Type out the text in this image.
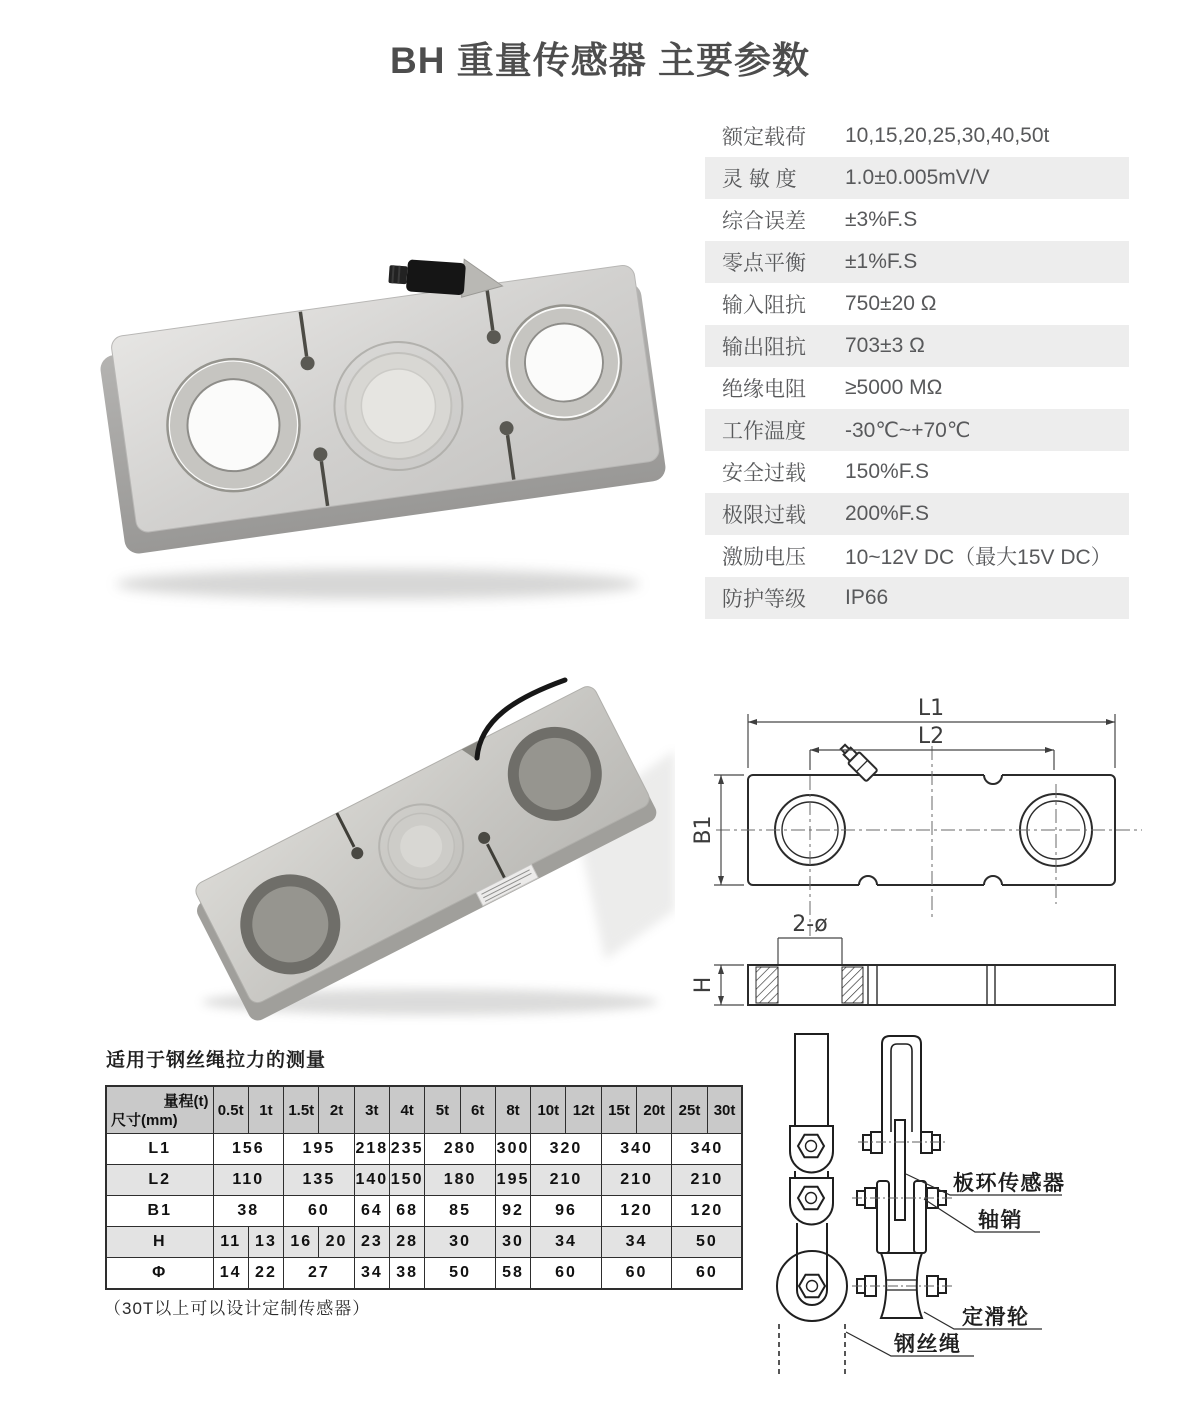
BH 重量传感器 主要参数
额定载荷	10,15,20,25,30,40,50t
灵 敏 度	1.0±0.005mV/V
综合误差	±3%F.S
零点平衡	±1%F.S
输入阻抗	750±20 Ω
输出阻抗	703±3 Ω
绝缘电阻	≥5000 MΩ
工作温度	-30℃~+70℃
安全过载	150%F.S
极限过载	200%F.S
激励电压	10~12V DC（最大15V DC）
防护等级	IP66
L1
L2
B1
2-ø
H
适用于钢丝绳拉力的测量
量程(t)
尺寸(mm)	0.5t	1t	1.5t	2t	3t	4t	5t	6t	8t	10t	12t	15t	20t	25t	30t
L1	156		195		218	235	280		300	320		340		340	
L2	110		135		140	150	180		195	210		210		210	
B1	38		60		64	68	85		92	96		120		120	
H	11	13	16	20	23	28	30		30	34		34		50	
Φ	14	22	27		34	38	50		58	60		60		60	
（30T以上可以设计定制传感器）
板环传感器
轴销
定滑轮
钢丝绳
